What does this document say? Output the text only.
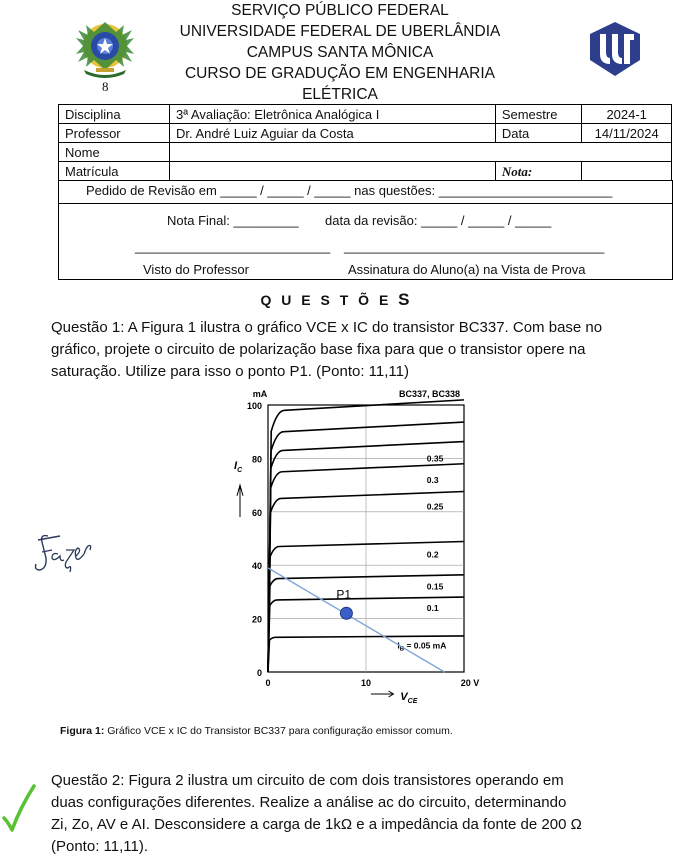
8
SERVIÇO PÚBLICO FEDERAL
UNIVERSIDADE FEDERAL DE UBERLÂNDIA
CAMPUS SANTA MÔNICA
CURSO DE GRADUÇÃO EM ENGENHARIA
ELÉTRICA
Disciplina	3ª Avaliação: Eletrônica Analógica I	Semestre	2024-1
Professor	Dr. André Luiz Aguiar da Costa	Data	14/11/2024
Nome			
Matrícula		Nota:	
Pedido de Revisão em _____ / _____ / _____ nas questões: ________________________
Nota Final: _________ data da revisão: _____ / _____ / _____
___________________________ ____________________________________
Visto do Professor	Assinatura do Aluno(a) na Vista de Prova
Q U E S T Õ E S
Questão 1: A Figura 1 ilustra o gráfico VCE x IC do transistor BC337. Com base no
gráfico, projete o circuito de polarização base fixa para que o transistor opere na
saturação. Utilize para isso o ponto P1. (Ponto: 11,11)
0
20
40
60
80
100
0	10	20 V
mA	BC337, BC338
$I_C$
$V_{CE}$
$_B$ = 0.05 mA
0.1
0.15
0.2
0.25
0.3
0.35
P1
Figura 1: Gráfico VCE x IC do Transistor BC337 para configuração emissor comum.
Questão 2: Figura 2 ilustra um circuito de com dois transistores operando em
duas configurações diferentes. Realize a análise ac do circuito, determinando
Zi, Zo, AV e AI. Desconsidere a carga de 1kΩ e a impedância da fonte de 200 Ω
(Ponto: 11,11).
